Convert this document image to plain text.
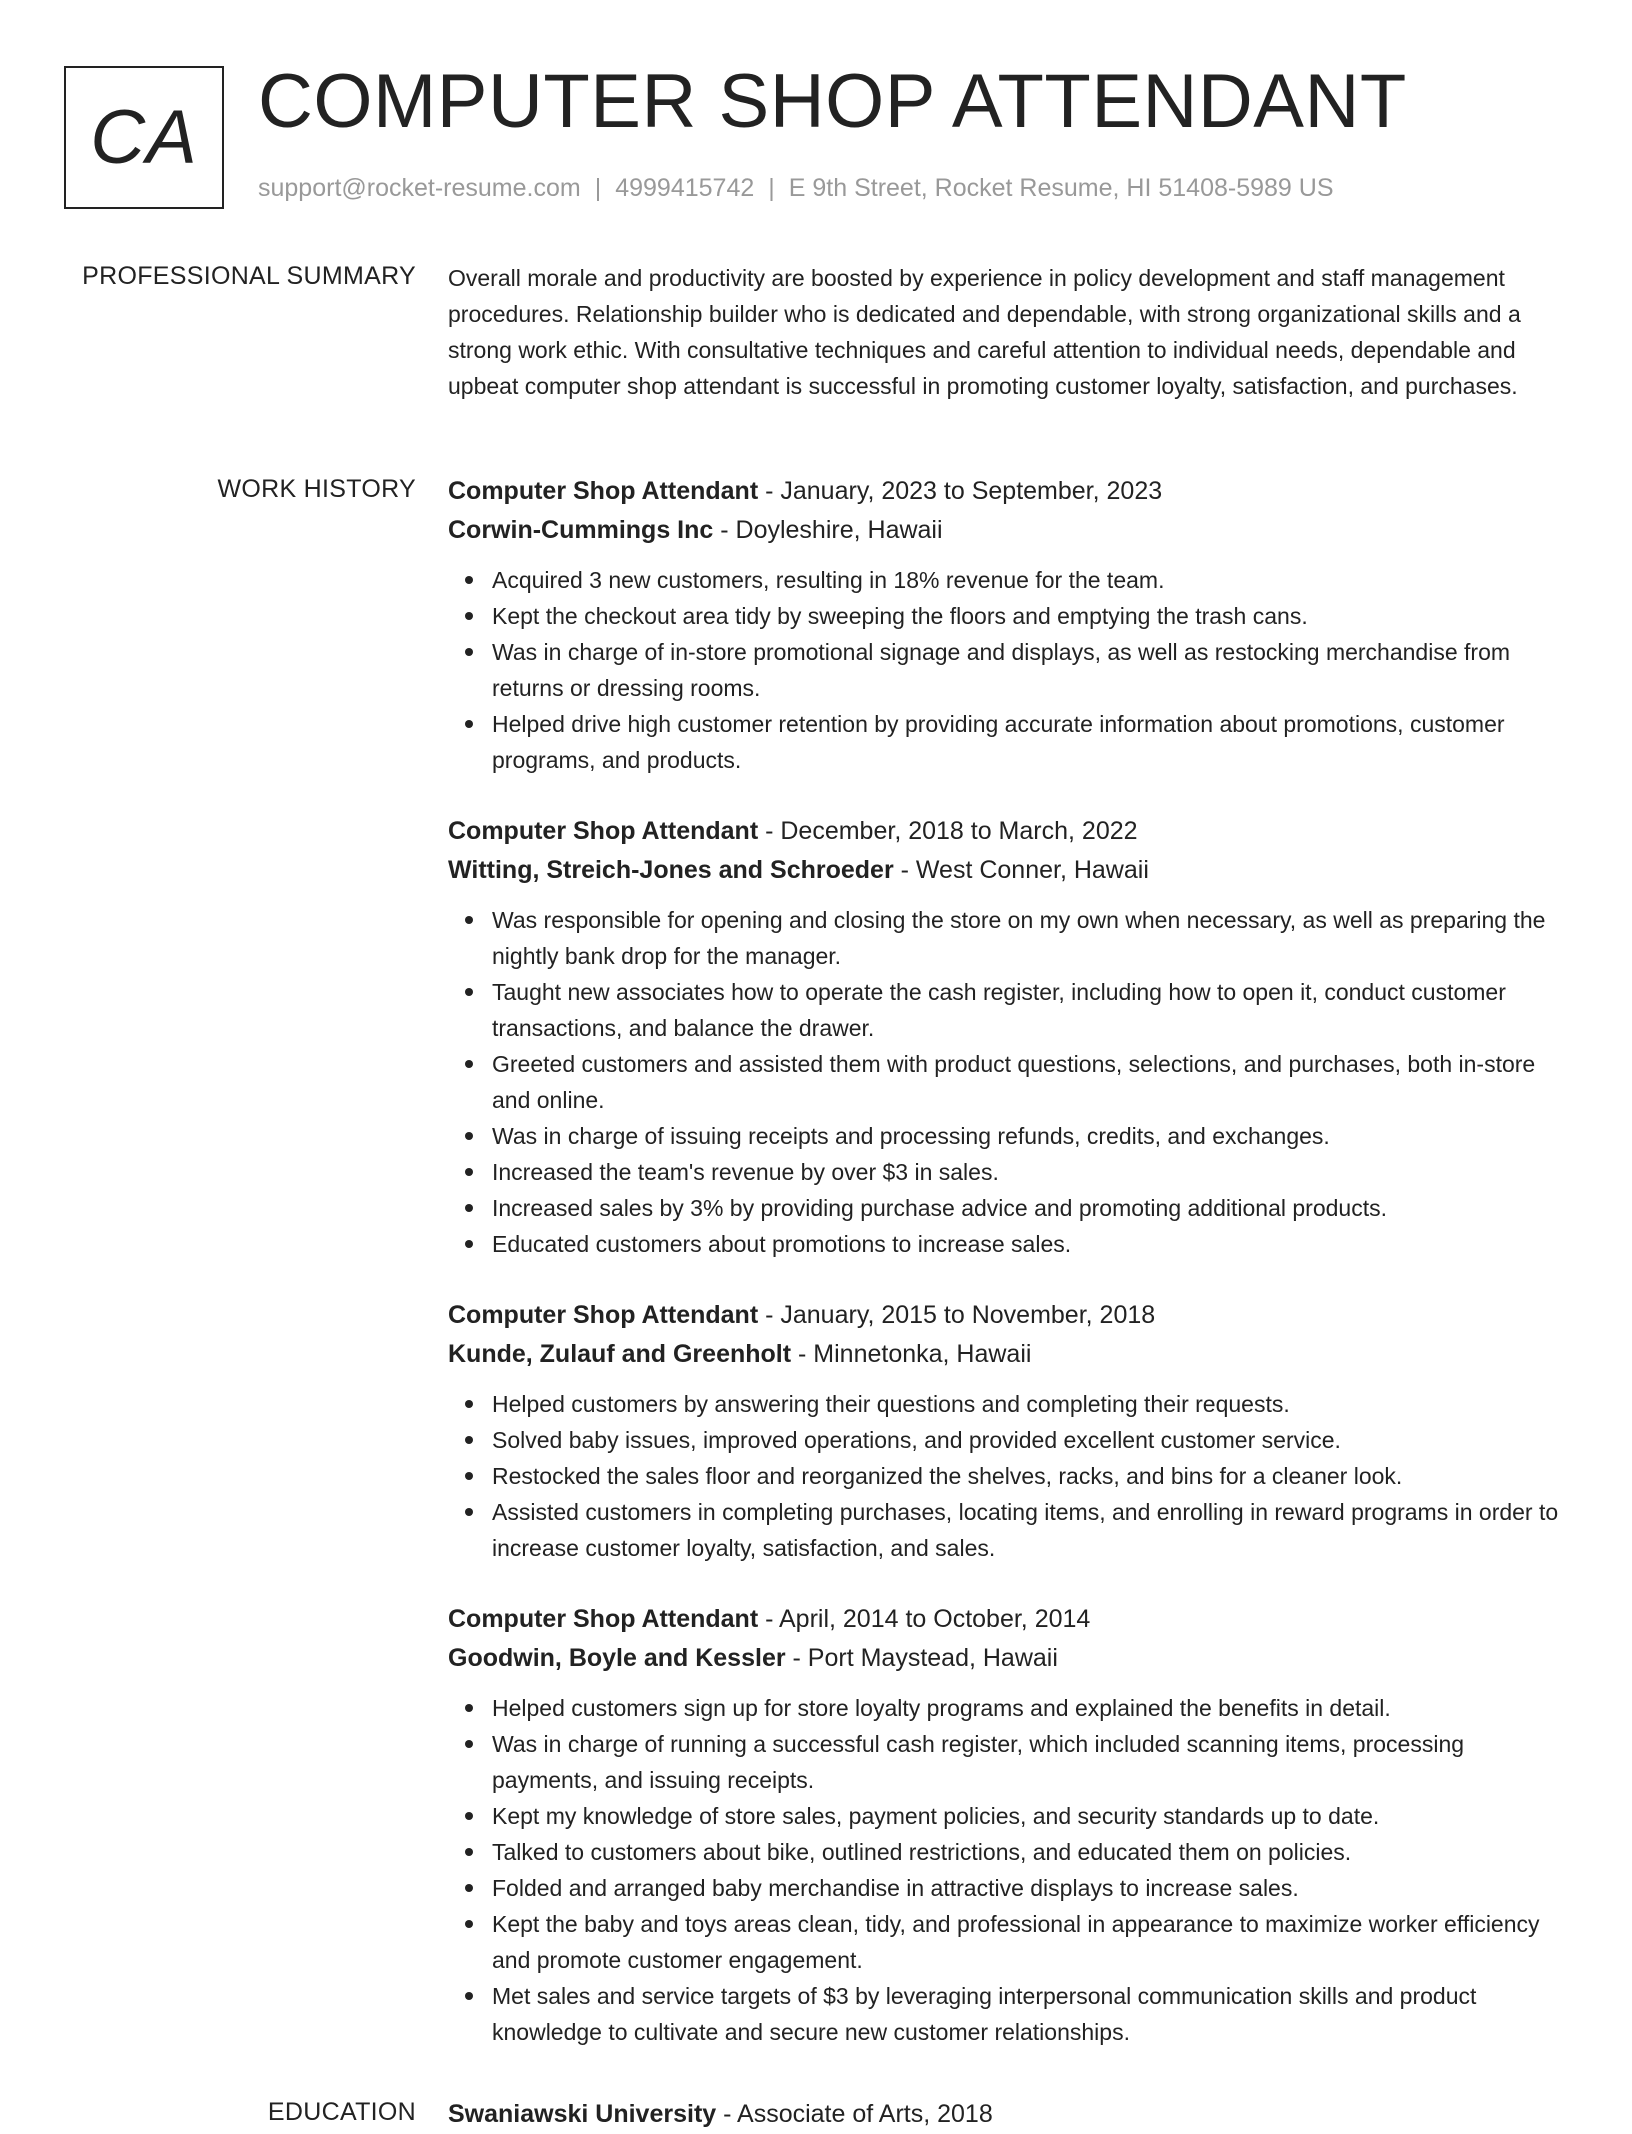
CA COMPUTER SHOP ATTENDANT
support@rocket-resume.com | 4999415742 | E 9th Street, Rocket Resume, HI 51408-5989 US
PROFESSIONAL SUMMARY Overall morale and productivity are boosted by experience in policy development and staff management procedures. Relationship builder who is dedicated and dependable, with strong organizational skills and a strong work ethic. With consultative techniques and careful attention to individual needs, dependable and upbeat computer shop attendant is successful in promoting customer loyalty, satisfaction, and purchases.

WORK HISTORY Computer Shop Attendant - January, 2023 to September, 2023
Corwin-Cummings Inc - Doyleshire, Hawaii
Acquired 3 new customers, resulting in 18% revenue for the team.
Kept the checkout area tidy by sweeping the floors and emptying the trash cans.
Was in charge of in-store promotional signage and displays, as well as restocking merchandise from returns or dressing rooms.
Helped drive high customer retention by providing accurate information about promotions, customer programs, and products.
Computer Shop Attendant - December, 2018 to March, 2022
Witting, Streich-Jones and Schroeder - West Conner, Hawaii
Was responsible for opening and closing the store on my own when necessary, as well as preparing the nightly bank drop for the manager.
Taught new associates how to operate the cash register, including how to open it, conduct customer transactions, and balance the drawer.
Greeted customers and assisted them with product questions, selections, and purchases, both in-store and online.
Was in charge of issuing receipts and processing refunds, credits, and exchanges.
Increased the team's revenue by over $3 in sales.
Increased sales by 3% by providing purchase advice and promoting additional products.
Educated customers about promotions to increase sales.
Computer Shop Attendant - January, 2015 to November, 2018
Kunde, Zulauf and Greenholt - Minnetonka, Hawaii
Helped customers by answering their questions and completing their requests.
Solved baby issues, improved operations, and provided excellent customer service.
Restocked the sales floor and reorganized the shelves, racks, and bins for a cleaner look.
Assisted customers in completing purchases, locating items, and enrolling in reward programs in order to increase customer loyalty, satisfaction, and sales.
Computer Shop Attendant - April, 2014 to October, 2014
Goodwin, Boyle and Kessler - Port Maystead, Hawaii
Helped customers sign up for store loyalty programs and explained the benefits in detail.
Was in charge of running a successful cash register, which included scanning items, processing payments, and issuing receipts.
Kept my knowledge of store sales, payment policies, and security standards up to date.
Talked to customers about bike, outlined restrictions, and educated them on policies.
Folded and arranged baby merchandise in attractive displays to increase sales.
Kept the baby and toys areas clean, tidy, and professional in appearance to maximize worker efficiency and promote customer engagement.
Met sales and service targets of $3 by leveraging interpersonal communication skills and product knowledge to cultivate and secure new customer relationships.
EDUCATION Swaniawski University - Associate of Arts, 2018
